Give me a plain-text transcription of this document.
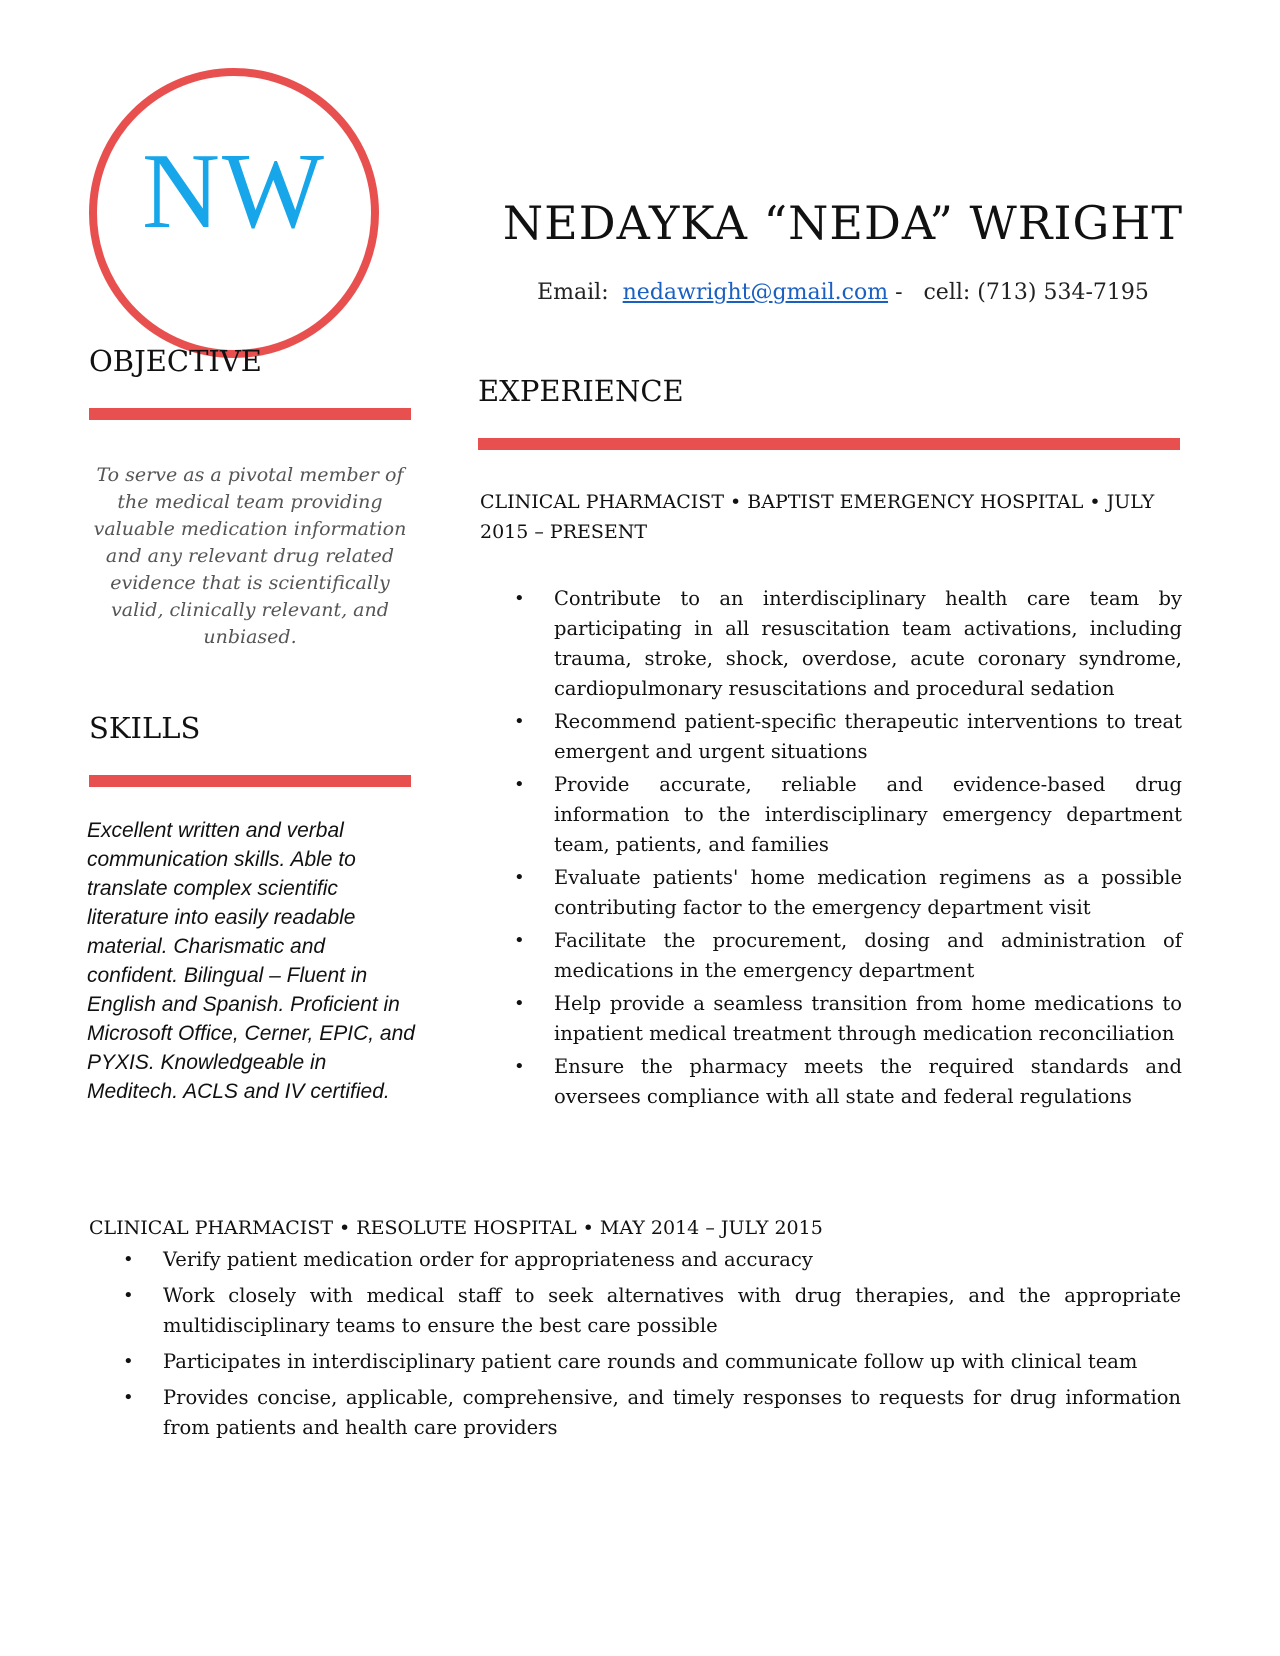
NW	NEDAYKA “NEDA” WRIGHT
Email: nedawright@gmail.com - cell: (713) 534-7195
OBJECTIVE

To serve as a pivotal member of the medical team providing valuable medication information and any relevant drug related evidence that is scientifically valid, clinically relevant, and unbiased.

SKILLS

Excellent written and verbal communication skills. Able to translate complex scientific literature into easily readable material. Charismatic and confident. Bilingual – Fluent in English and Spanish. Proficient in Microsoft Office, Cerner, EPIC, and PYXIS. Knowledgeable in Meditech. ACLS and IV certified.

EXPERIENCE

CLINICAL PHARMACIST • BAPTIST EMERGENCY HOSPITAL • JULY 2015 – PRESENT

•	Contribute to an interdisciplinary health care team by participating in all resuscitation team activations, including trauma, stroke, shock, overdose, acute coronary syndrome, cardiopulmonary resuscitations and procedural sedation
•	Recommend patient-specific therapeutic interventions to treat emergent and urgent situations
•	Provide accurate, reliable and evidence-based drug information to the interdisciplinary emergency department team, patients, and families
•	Evaluate patients' home medication regimens as a possible contributing factor to the emergency department visit
•	Facilitate the procurement, dosing and administration of medications in the emergency department
•	Help provide a seamless transition from home medications to inpatient medical treatment through medication reconciliation
•	Ensure the pharmacy meets the required standards and oversees compliance with all state and federal regulations

CLINICAL PHARMACIST • RESOLUTE HOSPITAL • MAY 2014 – JULY 2015

•	Verify patient medication order for appropriateness and accuracy
•	Work closely with medical staff to seek alternatives with drug therapies, and the appropriate multidisciplinary teams to ensure the best care possible
•	Participates in interdisciplinary patient care rounds and communicate follow up with clinical team
•	Provides concise, applicable, comprehensive, and timely responses to requests for drug information from patients and health care providers
